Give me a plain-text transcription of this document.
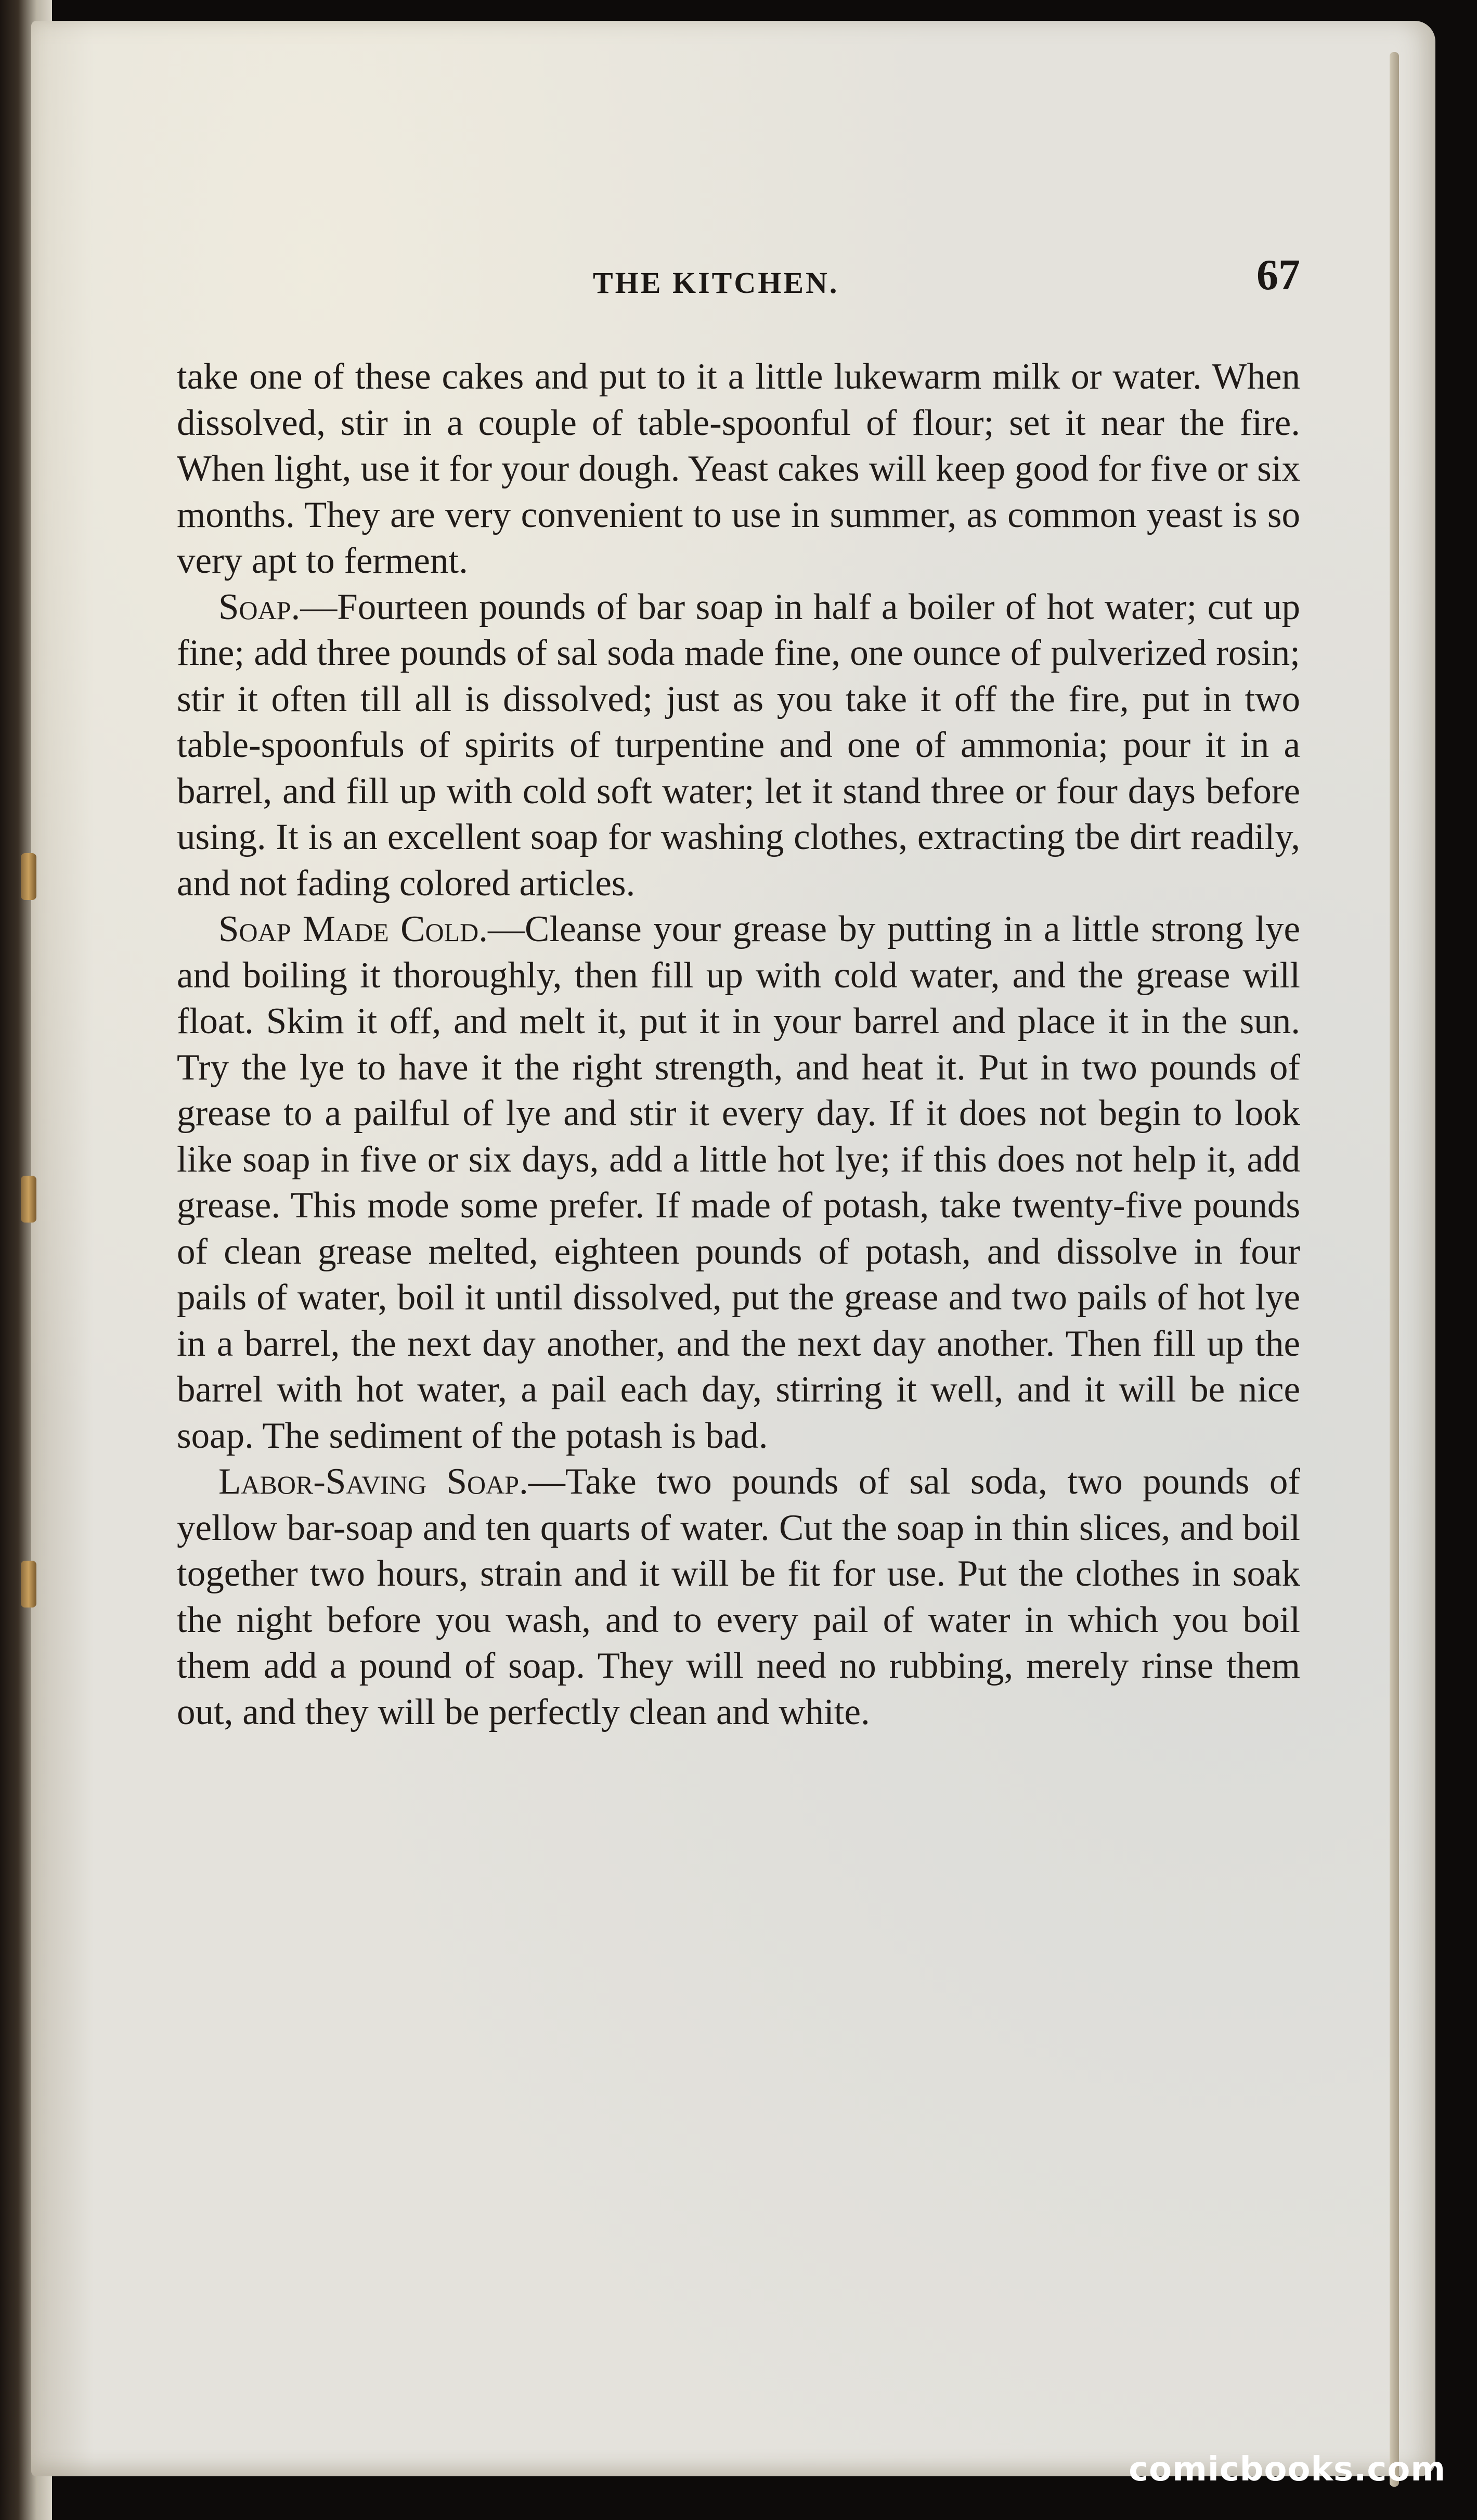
THE KITCHEN.	67

take one of these cakes and put to it a little lukewarm milk or water. When dissolved, stir in a couple of table-spoonful of flour; set it near the fire. When light, use it for your dough. Yeast cakes will keep good for five or six months. They are very convenient to use in summer, as common yeast is so very apt to ferment.

Soap.—Fourteen pounds of bar soap in half a boiler of hot water; cut up fine; add three pounds of sal soda made fine, one ounce of pulverized rosin; stir it often till all is dissolved; just as you take it off the fire, put in two table-spoonfuls of spirits of turpentine and one of ammonia; pour it in a barrel, and fill up with cold soft water; let it stand three or four days before using. It is an excellent soap for washing clothes, extracting tbe dirt readily, and not fading colored articles.

Soap Made Cold.—Cleanse your grease by putting in a little strong lye and boiling it thoroughly, then fill up with cold water, and the grease will float. Skim it off, and melt it, put it in your barrel and place it in the sun. Try the lye to have it the right strength, and heat it. Put in two pounds of grease to a pailful of lye and stir it every day. If it does not begin to look like soap in five or six days, add a little hot lye; if this does not help it, add grease. This mode some prefer. If made of potash, take twenty-five pounds of clean grease melted, eighteen pounds of potash, and dissolve in four pails of water, boil it until dissolved, put the grease and two pails of hot lye in a barrel, the next day another, and the next day another. Then fill up the barrel with hot water, a pail each day, stirring it well, and it will be nice soap. The sediment of the potash is bad.

Labor-Saving Soap.—Take two pounds of sal soda, two pounds of yellow bar-soap and ten quarts of water. Cut the soap in thin slices, and boil together two hours, strain and it will be fit for use. Put the clothes in soak the night before you wash, and to every pail of water in which you boil them add a pound of soap. They will need no rubbing, merely rinse them out, and they will be perfectly clean and white.

comicbooks.com
